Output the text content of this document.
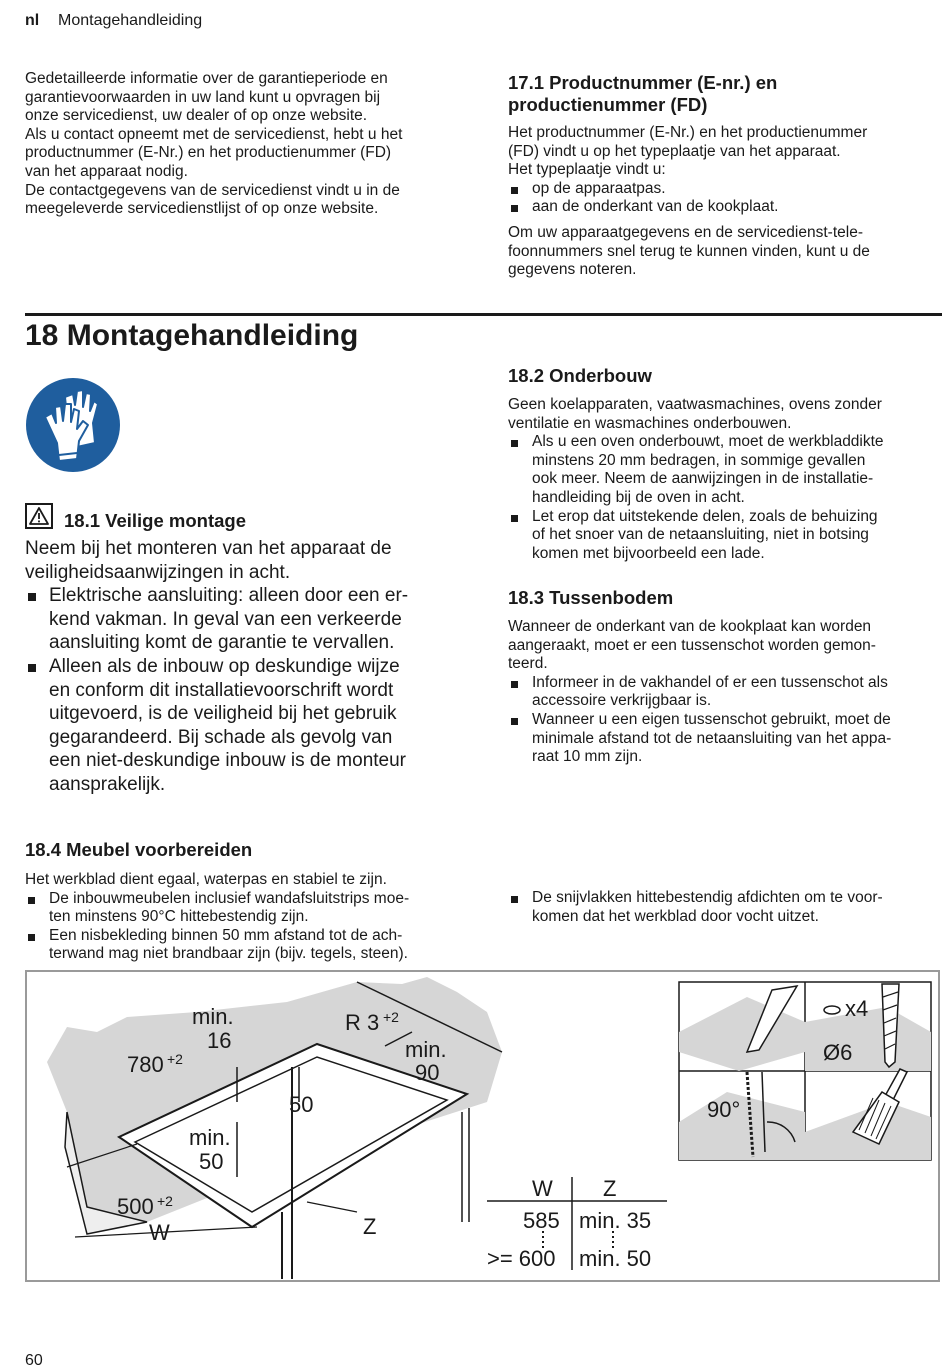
nl Montagehandleiding

Gedetailleerde informatie over de garantieperiode en

garantievoorwaarden in uw land kunt u opvragen bij

onze servicedienst, uw dealer of op onze website.

Als u contact opneemt met de servicedienst, hebt u het

productnummer (E-Nr.) en het productienummer (FD)

van het apparaat nodig.

De contactgegevens van de servicedienst vindt u in de

meegeleverde servicedienstlijst of op onze website.

17.1 Productnummer (E-nr.) en
productienummer (FD)

Het productnummer (E-Nr.) en het productienummer

(FD) vindt u op het typeplaatje van het apparaat.

Het typeplaatje vindt u:

op de apparaatpas.
aan de onderkant van de kookplaat.

Om uw apparaatgegevens en de servicedienst-tele-

foonnummers snel terug te kunnen vinden, kunt u de

gegevens noteren.

18 Montagehandleiding
18.1 Veilige montage

Neem bij het monteren van het apparaat de

veiligheidsaanwijzingen in acht.

Elektrische aansluiting: alleen door een er-
kend vakman. In geval van een verkeerde
aansluiting komt de garantie te vervallen.
Alleen als de inbouw op deskundige wijze
en conform dit installatievoorschrift wordt
uitgevoerd, is de veiligheid bij het gebruik
gegarandeerd. Bij schade als gevolg van
een niet-deskundige inbouw is de monteur
aansprakelijk.
18.2 Onderbouw

Geen koelapparaten, vaatwasmachines, ovens zonder

ventilatie en wasmachines onderbouwen.

Als u een oven onderbouwt, moet de werkbladdikte
minstens 20 mm bedragen, in sommige gevallen
ook meer. Neem de aanwijzingen in de installatie-
handleiding bij de oven in acht.
Let erop dat uitstekende delen, zoals de behuizing
of het snoer van de netaansluiting, niet in botsing
komen met bijvoorbeeld een lade.
18.3 Tussenbodem

Wanneer de onderkant van de kookplaat kan worden

aangeraakt, moet er een tussenschot worden gemon-

teerd.

Informeer in de vakhandel of er een tussenschot als
accessoire verkrijgbaar is.
Wanneer u een eigen tussenschot gebruikt, moet de
minimale afstand tot de netaansluiting van het appa-
raat 10 mm zijn.
18.4 Meubel voorbereiden

Het werkblad dient egaal, waterpas en stabiel te zijn.

De inbouwmeubelen inclusief wandafsluitstrips moe-
ten minstens 90°C hittebestendig zijn.
Een nisbekleding binnen 50 mm afstand tot de ach-
terwand mag niet brandbaar zijn (bijv. tegels, steen).
De snijvlakken hittebestendig afdichten om te voor-
komen dat het werkblad door vocht uitzet.
min.
16
780 +2
R 3 +2
min.
90
50
min.
50
500 +2
W	Z
W Z
585 min. 35
>= 600 min. 50
90°
x4
Ø6
60
